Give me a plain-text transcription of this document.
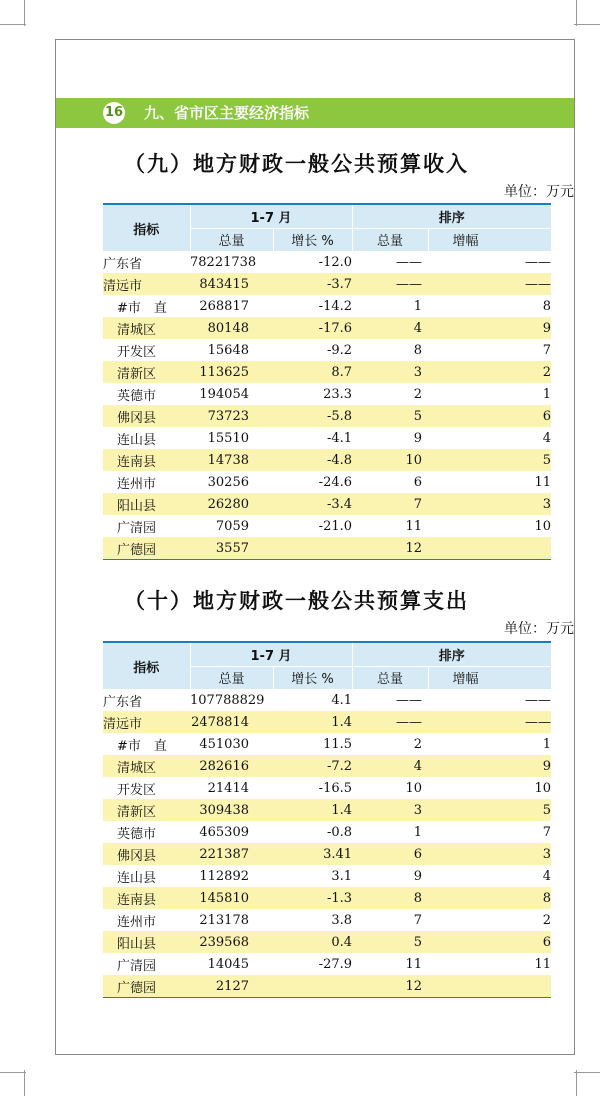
16 九、省市区主要经济指标
（九）地方财政一般公共预算收入
单位：万元
指标	1-7 月		排序	
	总量	增长 %	总量	增幅
广东省	78221738	-12.0	——	——
清远市	843415	-3.7	——	——
#市　直	268817	-14.2	1	8
清城区	80148	-17.6	4	9
开发区	15648	-9.2	8	7
清新区	113625	8.7	3	2
英德市	194054	23.3	2	1
佛冈县	73723	-5.8	5	6
连山县	15510	-4.1	9	4
连南县	14738	-4.8	10	5
连州市	30256	-24.6	6	11
阳山县	26280	-3.4	7	3
广清园	7059	-21.0	11	10
广德园	3557		12	
（十）地方财政一般公共预算支出
单位：万元
指标	1-7 月		排序	
	总量	增长 %	总量	增幅
广东省	107788829	4.1	——	——
清远市	2478814	1.4	——	——
#市　直	451030	11.5	2	1
清城区	282616	-7.2	4	9
开发区	21414	-16.5	10	10
清新区	309438	1.4	3	5
英德市	465309	-0.8	1	7
佛冈县	221387	3.41	6	3
连山县	112892	3.1	9	4
连南县	145810	-1.3	8	8
连州市	213178	3.8	7	2
阳山县	239568	0.4	5	6
广清园	14045	-27.9	11	11
广德园	2127		12	
